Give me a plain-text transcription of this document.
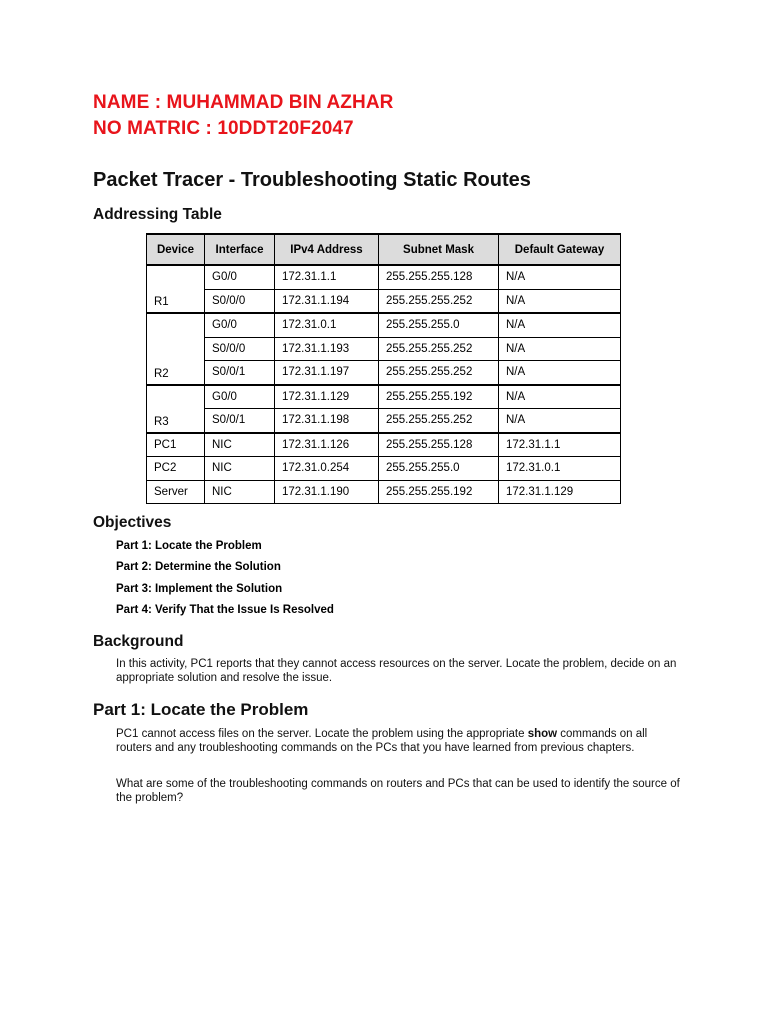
NAME : MUHAMMAD BIN AZHAR

NO MATRIC : 10DDT20F2047

Packet Tracer - Troubleshooting Static Routes
Addressing Table
Device	Interface	IPv4 Address	Subnet Mask	Default Gateway
R1	G0/0	172.31.1.1	255.255.255.128	N/A
	S0/0/0	172.31.1.194	255.255.255.252	N/A
R2	G0/0	172.31.0.1	255.255.255.0	N/A
	S0/0/0	172.31.1.193	255.255.255.252	N/A
	S0/0/1	172.31.1.197	255.255.255.252	N/A
R3	G0/0	172.31.1.129	255.255.255.192	N/A
	S0/0/1	172.31.1.198	255.255.255.252	N/A
PC1	NIC	172.31.1.126	255.255.255.128	172.31.1.1
PC2	NIC	172.31.0.254	255.255.255.0	172.31.0.1
Server	NIC	172.31.1.190	255.255.255.192	172.31.1.129
Objectives
Part 1: Locate the Problem
Part 2: Determine the Solution
Part 3: Implement the Solution
Part 4: Verify That the Issue Is Resolved
Background

In this activity, PC1 reports that they cannot access resources on the server. Locate the problem, decide on an appropriate solution and resolve the issue.

Part 1: Locate the Problem

PC1 cannot access files on the server. Locate the problem using the appropriate show commands on all routers and any troubleshooting commands on the PCs that you have learned from previous chapters.

What are some of the troubleshooting commands on routers and PCs that can be used to identify the source of the problem?
